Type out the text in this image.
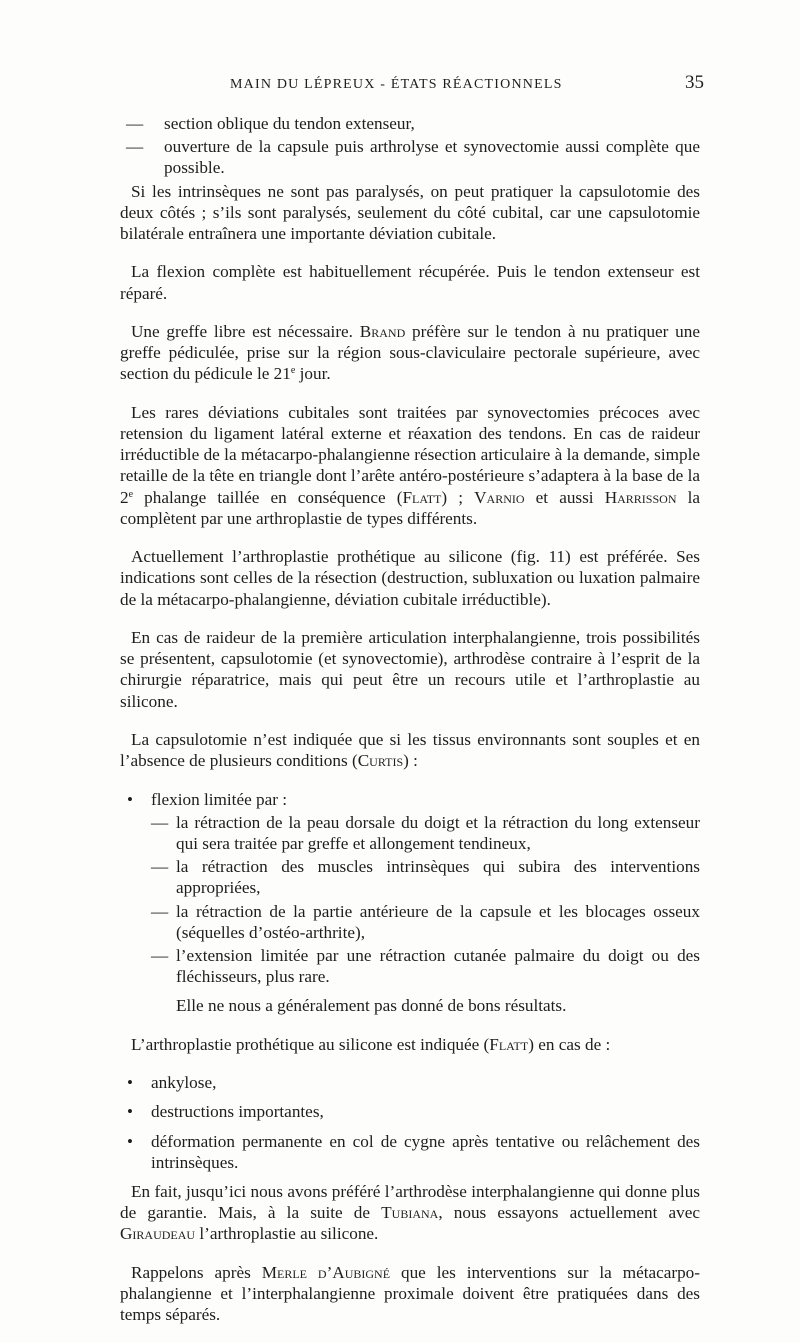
MAIN DU LÉPREUX - ÉTATS RÉACTIONNELS	35
— section oblique du tendon extenseur,
— ouverture de la capsule puis arthrolyse et synovectomie aussi complète que possible.

Si les intrinsèques ne sont pas paralysés, on peut pratiquer la capsulotomie des deux côtés ; s’ils sont paralysés, seulement du côté cubital, car une capsulotomie bilatérale entraînera une importante déviation cubitale.

La flexion complète est habituellement récupérée. Puis le tendon extenseur est réparé.

Une greffe libre est nécessaire. Brand préfère sur le tendon à nu pratiquer une greffe pédiculée, prise sur la région sous-claviculaire pectorale supérieure, avec section du pédicule le 21e jour.

Les rares déviations cubitales sont traitées par synovectomies précoces avec retension du ligament latéral externe et réaxation des tendons. En cas de raideur irréductible de la métacarpo-phalangienne résection articulaire à la demande, simple retaille de la tête en triangle dont l’arête antéro-postérieure s’adaptera à la base de la 2e phalange taillée en conséquence (Flatt) ; Varnio et aussi Harrisson la complètent par une arthroplastie de types différents.

Actuellement l’arthroplastie prothétique au silicone (fig. 11) est préférée. Ses indications sont celles de la résection (destruction, subluxation ou luxation palmaire de la métacarpo-phalangienne, déviation cubitale irréductible).

En cas de raideur de la première articulation interphalangienne, trois possibilités se présentent, capsulotomie (et synovectomie), arthrodèse contraire à l’esprit de la chirurgie réparatrice, mais qui peut être un recours utile et l’arthroplastie au silicone.

La capsulotomie n’est indiquée que si les tissus environnants sont souples et en l’absence de plusieurs conditions (Curtis) :

• flexion limitée par :
— la rétraction de la peau dorsale du doigt et la rétraction du long extenseur qui sera traitée par greffe et allongement tendineux,
— la rétraction des muscles intrinsèques qui subira des interventions appropriées,
— la rétraction de la partie antérieure de la capsule et les blocages osseux (séquelles d’ostéo-arthrite),
— l’extension limitée par une rétraction cutanée palmaire du doigt ou des fléchisseurs, plus rare.

Elle ne nous a généralement pas donné de bons résultats.

L’arthroplastie prothétique au silicone est indiquée (Flatt) en cas de :

• ankylose,
• destructions importantes,
• déformation permanente en col de cygne après tentative ou relâchement des intrinsèques.

En fait, jusqu’ici nous avons préféré l’arthrodèse interphalangienne qui donne plus de garantie. Mais, à la suite de Tubiana, nous essayons actuellement avec Giraudeau l’arthroplastie au silicone.

Rappelons après Merle d’Aubigné que les interventions sur la métacarpo-phalangienne et l’interphalangienne proximale doivent être pratiquées dans des temps séparés.
